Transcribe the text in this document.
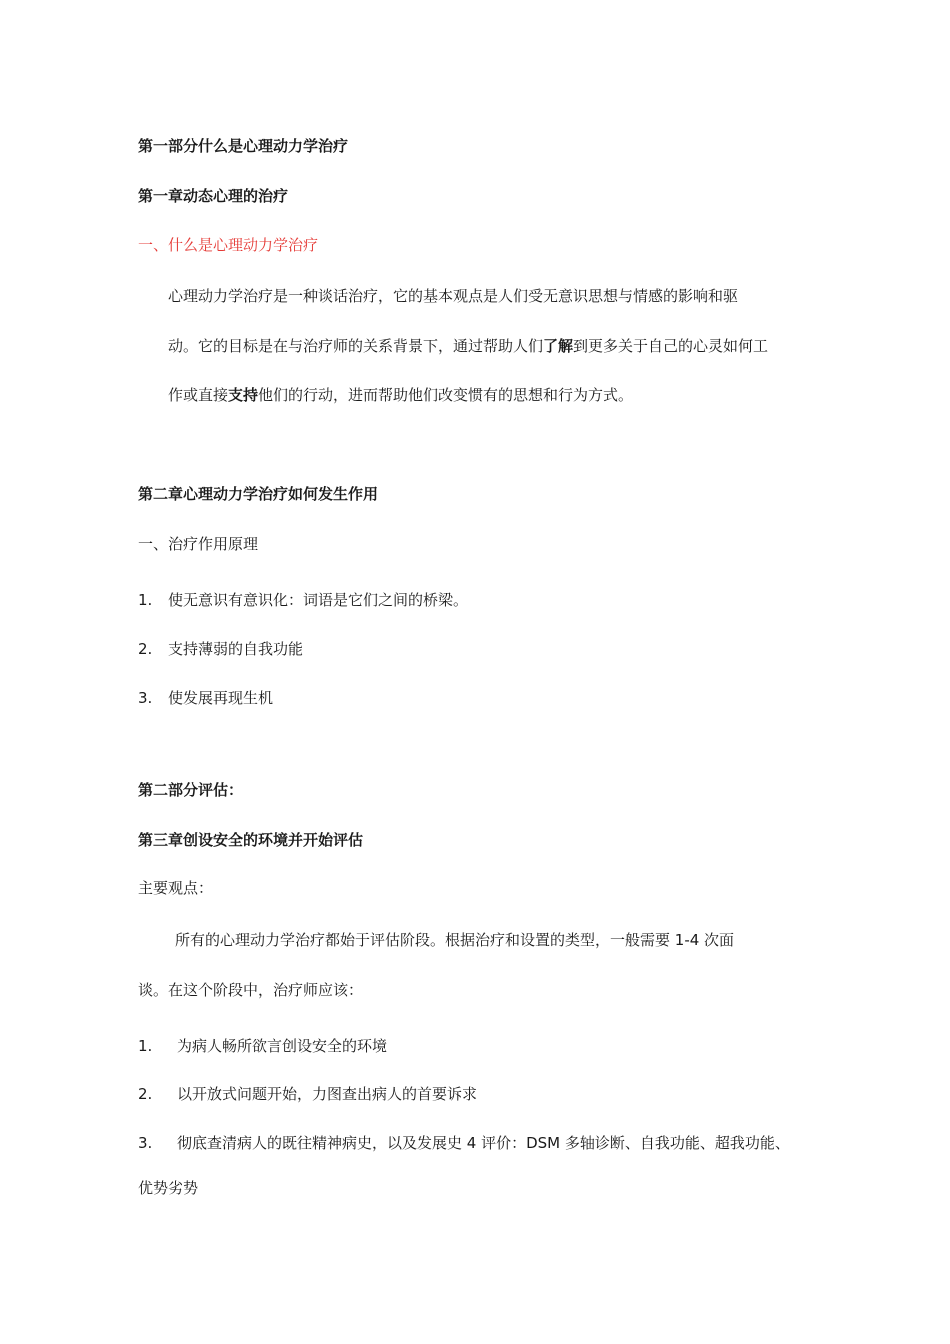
第一部分什么是心理动力学治疗
第一章动态心理的治疗
一、什么是心理动力学治疗
心理动力学治疗是一种谈话治疗，它的基本观点是人们受无意识思想与情感的影响和驱
动。它的目标是在与治疗师的关系背景下，通过帮助人们了解到更多关于自己的心灵如何工
作或直接支持他们的行动，进而帮助他们改变惯有的思想和行为方式。
第二章心理动力学治疗如何发生作用
一、治疗作用原理
1. 使无意识有意识化：词语是它们之间的桥梁。
2. 支持薄弱的自我功能
3. 使发展再现生机
第二部分评估：
第三章创设安全的环境并开始评估
主要观点：
所有的心理动力学治疗都始于评估阶段。根据治疗和设置的类型，一般需要 1-4 次面
谈。在这个阶段中，治疗师应该：
1. 为病人畅所欲言创设安全的环境
2. 以开放式问题开始，力图查出病人的首要诉求
3. 彻底查清病人的既往精神病史，以及发展史 4 评价：DSM 多轴诊断、自我功能、超我功能、
优势劣势
